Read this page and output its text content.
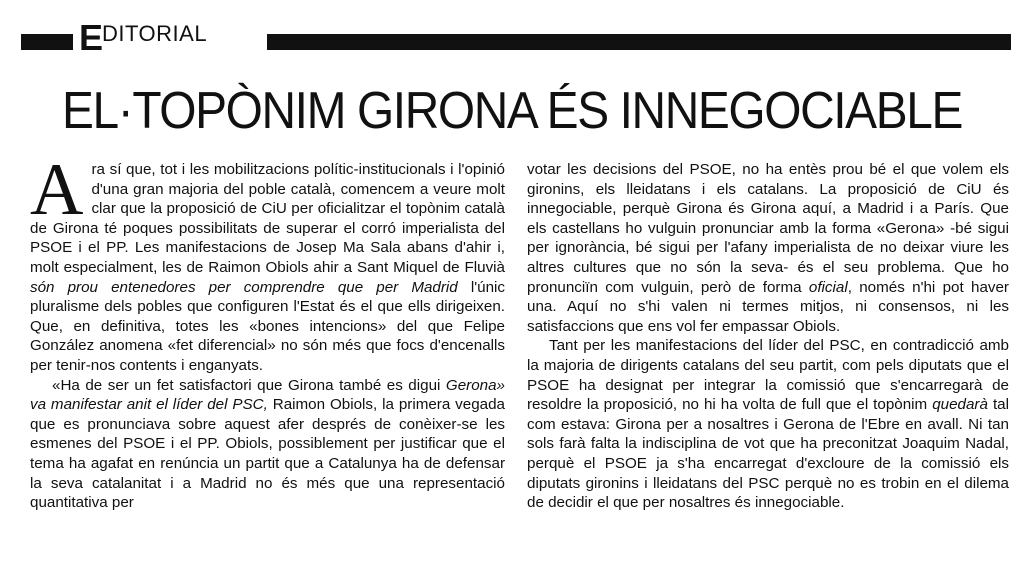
EDITORIAL
EL·TOPÒNIM GIRONA ÉS INNEGOCIABLE

Ara sí que, tot i les mobilitzacions polític-institucionals i l'opinió d'una gran majoria del poble català, comencem a veure molt clar que la proposició de CiU per oficialitzar el topònim català de Girona té poques possibilitats de superar el corró imperialista del PSOE i el PP. Les manifestacions de Josep Ma Sala abans d'ahir i, molt especialment, les de Raimon Obiols ahir a Sant Miquel de Fluvià són prou entenedores per comprendre que per Madrid l'únic pluralisme dels pobles que configuren l'Estat és el que ells dirigeixen. Que, en definitiva, totes les «bones intencions» del que Felipe González anomena «fet diferencial» no són més que focs d'encenalls per tenir-nos contents i enganyats.

«Ha de ser un fet satisfactori que Girona també es digui Gerona» va manifestar anit el líder del PSC, Raimon Obiols, la primera vegada que es pronunciava sobre aquest afer després de conèixer-se les esmenes del PSOE i el PP. Obiols, possiblement per justificar que el tema ha agafat en renúncia un partit que a Catalunya ha de defensar la seva catalanitat i a Madrid no és més que una representació quantitativa per

votar les decisions del PSOE, no ha entès prou bé el que volem els gironins, els lleidatans i els catalans. La proposició de CiU és innegociable, perquè Girona és Girona aquí, a Madrid i a París. Que els castellans ho vulguin pronunciar amb la forma «Gerona» -bé sigui per ignorància, bé sigui per l'afany imperialista de no deixar viure les altres cultures que no són la seva- és el seu problema. Que ho pronunciïn com vulguin, però de forma oficial, només n'hi pot haver una. Aquí no s'hi valen ni termes mitjos, ni consensos, ni les satisfaccions que ens vol fer empassar Obiols.

Tant per les manifestacions del líder del PSC, en contradicció amb la majoria de dirigents catalans del seu partit, com pels diputats que el PSOE ha designat per integrar la comissió que s'encarregarà de resoldre la proposició, no hi ha volta de full que el topònim quedarà tal com estava: Girona per a nosaltres i Gerona de l'Ebre en avall. Ni tan sols farà falta la indisciplina de vot que ha preconitzat Joaquim Nadal, perquè el PSOE ja s'ha encarregat d'excloure de la comissió els diputats gironins i lleidatans del PSC perquè no es trobin en el dilema de decidir el que per nosaltres és innegociable.
